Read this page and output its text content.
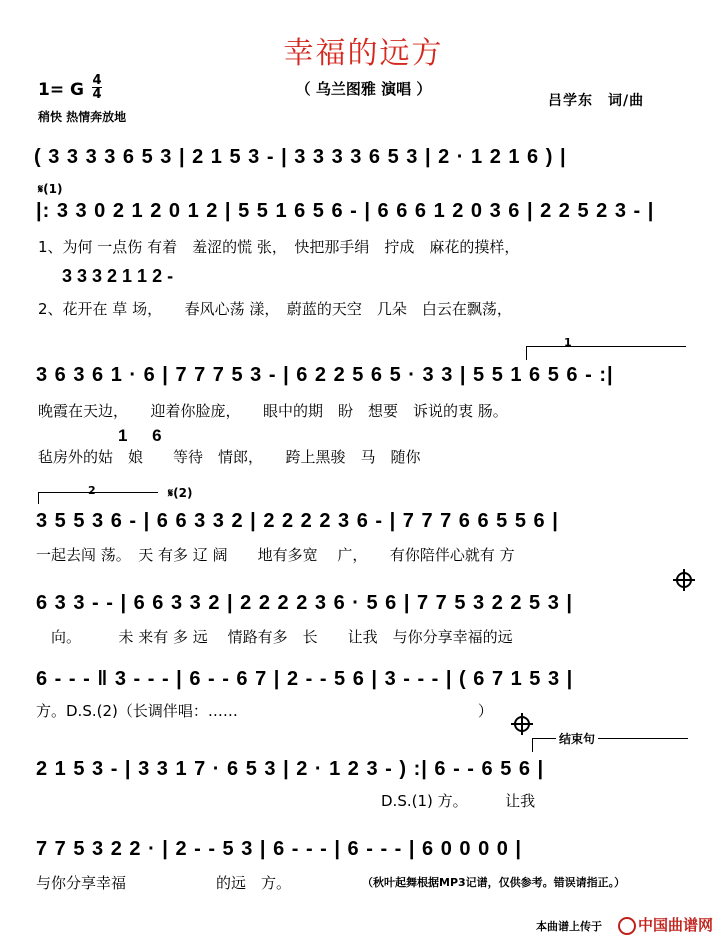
幸福的远方
（ 乌兰图雅 演唱 ）
1= G 4
4
稍快 热情奔放地
吕学东　词/曲
( 3 3 3 3 6 5 3 | 2 1 5 3 - | 3 3 3 3 6 5 3 | 2 · 1 2 1 6 ) |
𝄋(1)
|: 3 3 0 2 1 2 0 1 2 | 5 5 1 6 5 6 - | 6 6 6 1 2 0 3 6 | 2 2 5 2 3 - |
1、为何 一点伤 有着　羞涩的慌 张，　快把那手绢　拧成　麻花的摸样，
3 3 3 2 1 1 2 -
2、花开在 草 场，　　春风心荡 漾，　蔚蓝的天空　几朵　白云在飘荡，
1
3 6 3 6 1 · 6 | 7 7 7 5 3 - | 6 2 2 5 6 5 · 3 3 | 5 5 1 6 5 6 - :|
晚霞在天边，　　迎着你脸庞，　　眼中的期　盼　想要　诉说的衷 肠。
1 6
毡房外的姑　娘　　等待　情郎，　　跨上黑骏　马　随你
2	𝄋(2)
3 5 5 3 6 - | 6 6 3 3 2 | 2 2 2 2 3 6 - | 7 7 7 6 6 5 5 6 |
一起去闯 荡。　天 有多 辽 阔　　地有多宽　 广，　　有你陪伴心就有 方
6 3 3 - - | 6 6 3 3 2 | 2 2 2 2 3 6 · 5 6 | 7 7 5 3 2 2 5 3 |
　向。　　　未 来有 多 远　 情路有多　长　　让我　与你分享幸福的远
6 - - - ‖ 3 - - - | 6 - - 6 7 | 2 - - 5 6 | 3 - - - | ( 6 7 1 5 3 |
方。D.S.(2)（长调伴唱：……　　　　　　　　　　　　　　　　）
结束句
2 1 5 3 - | 3 3 1 7 · 6 5 3 | 2 · 1 2 3 - ) :| 6 - - 6 5 6 |
　　　　　　　　　　　　　　　　　　　　　　　D.S.(1) 方。　　　让我
7 7 5 3 2 2 · | 2 - - 5 3 | 6 - - - | 6 - - - | 6 0 0 0 0 |
与你分享幸福　　　　　　的远　方。	（秋叶起舞根据MP3记谱，仅供参考。错误请指正。）
本曲谱上传于 中国曲谱网
